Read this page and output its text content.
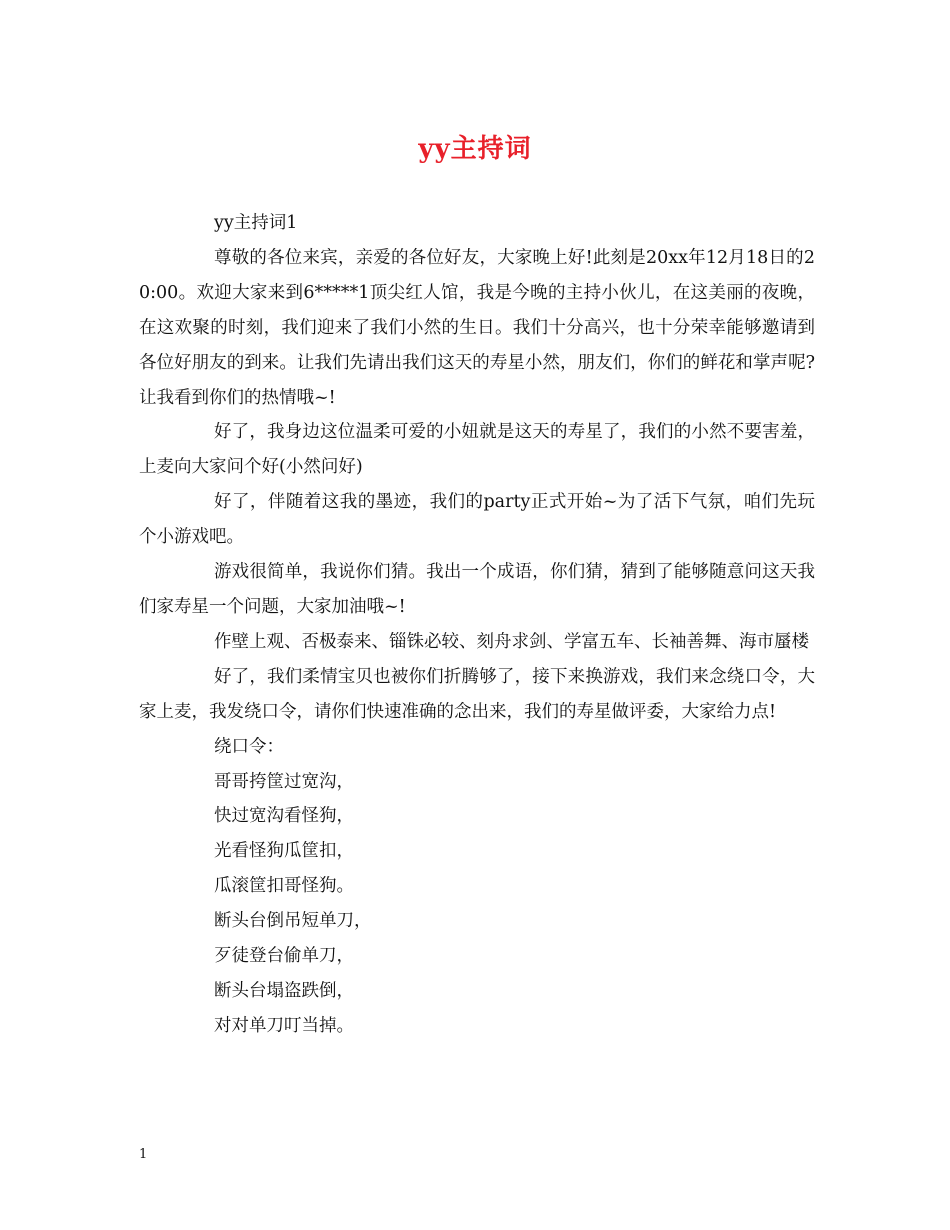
yy主持词

yy主持词1

尊敬的各位来宾，亲爱的各位好友，大家晚上好!此刻是20xx年12月18日的20:00。欢迎大家来到6*****1顶尖红人馆，我是今晚的主持小伙儿，在这美丽的夜晚，在这欢聚的时刻，我们迎来了我们小然的生日。我们十分高兴，也十分荣幸能够邀请到各位好朋友的到来。让我们先请出我们这天的寿星小然，朋友们，你们的鲜花和掌声呢?让我看到你们的热情哦~!

好了，我身边这位温柔可爱的小妞就是这天的寿星了，我们的小然不要害羞，上麦向大家问个好(小然问好)

好了，伴随着这我的墨迹，我们的party正式开始~为了活下气氛，咱们先玩个小游戏吧。

游戏很简单，我说你们猜。我出一个成语，你们猜，猜到了能够随意问这天我们家寿星一个问题，大家加油哦~!

作壁上观、否极泰来、锱铢必较、刻舟求剑、学富五车、长袖善舞、海市蜃楼

好了，我们柔情宝贝也被你们折腾够了，接下来换游戏，我们来念绕口令，大家上麦，我发绕口令，请你们快速准确的念出来，我们的寿星做评委，大家给力点!

绕口令：

哥哥挎筐过宽沟，

快过宽沟看怪狗，

光看怪狗瓜筐扣，

瓜滚筐扣哥怪狗。

断头台倒吊短单刀，

歹徒登台偷单刀，

断头台塌盗跌倒，

对对单刀叮当掉。

1
